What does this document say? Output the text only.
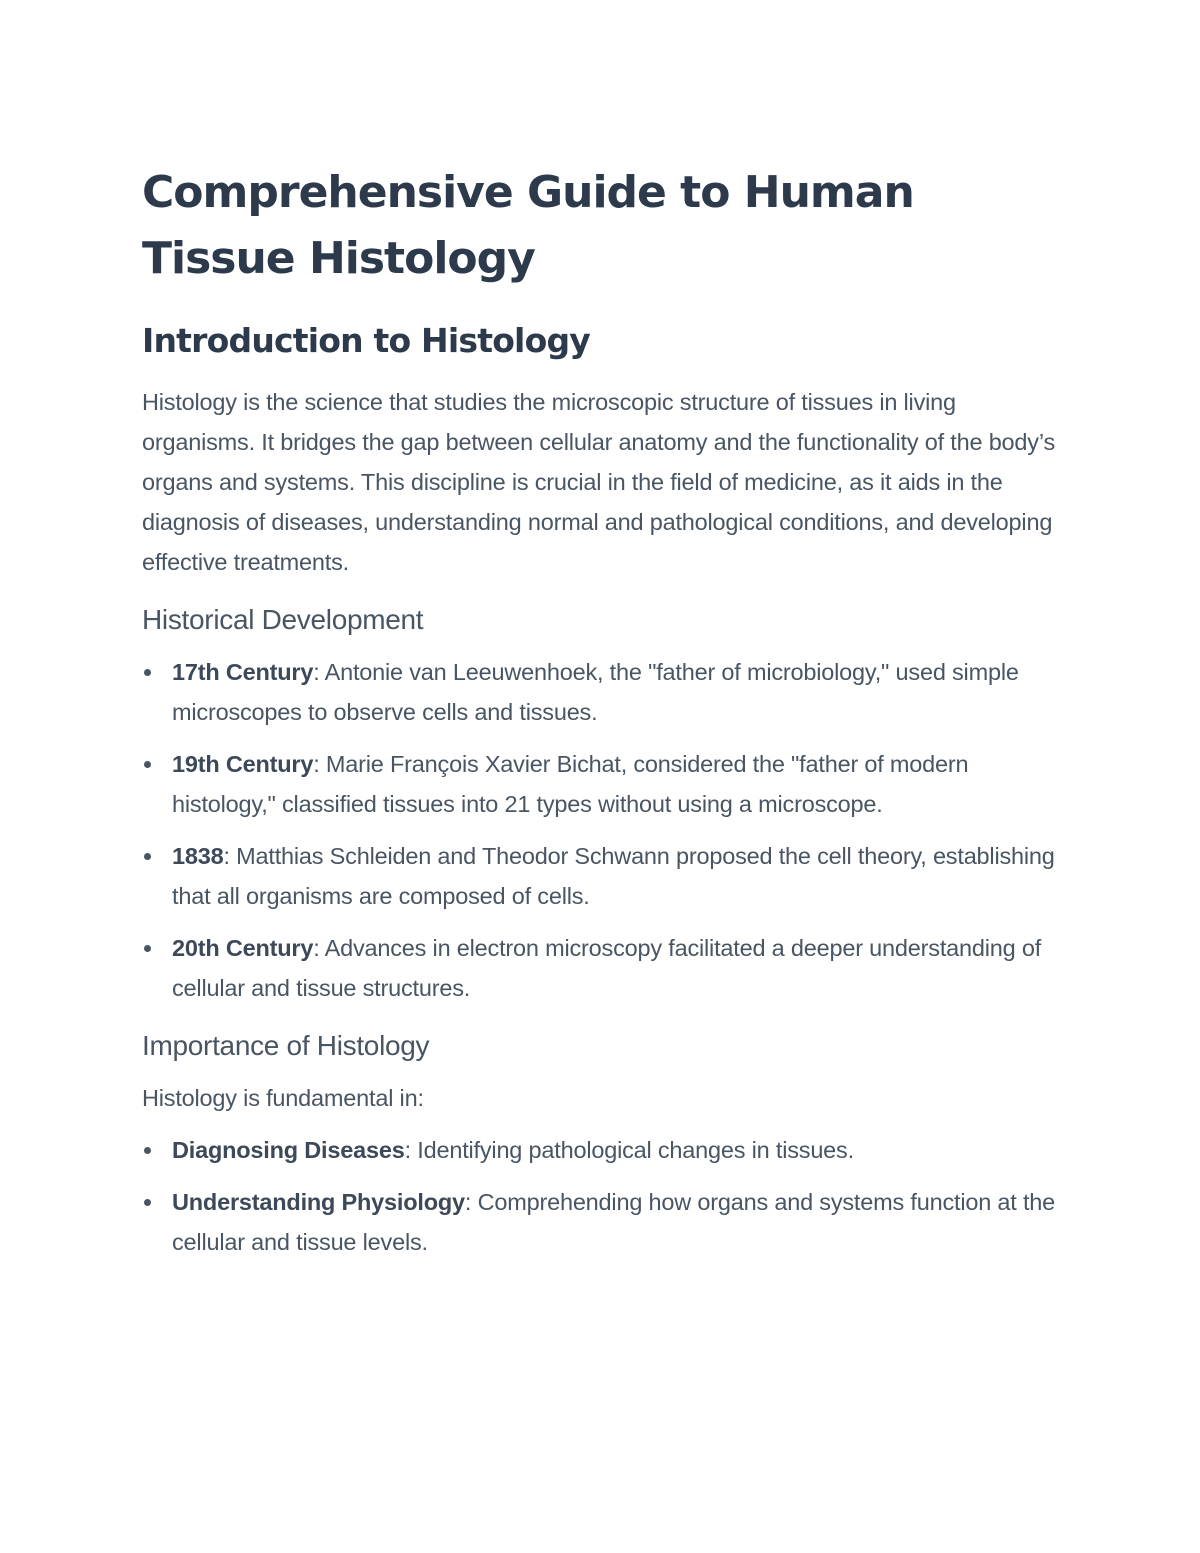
Comprehensive Guide to Human Tissue Histology
Introduction to Histology

Histology is the science that studies the microscopic structure of tissues in living organisms. It bridges the gap between cellular anatomy and the functionality of the body’s organs and systems. This discipline is crucial in the field of medicine, as it aids in the diagnosis of diseases, understanding normal and pathological conditions, and developing effective treatments.

Historical Development
17th Century: Antonie van Leeuwenhoek, the "father of microbiology," used simple microscopes to observe cells and tissues.
19th Century: Marie François Xavier Bichat, considered the "father of modern histology," classified tissues into 21 types without using a microscope.
1838: Matthias Schleiden and Theodor Schwann proposed the cell theory, establishing that all organisms are composed of cells.
20th Century: Advances in electron microscopy facilitated a deeper understanding of cellular and tissue structures.
Importance of Histology

Histology is fundamental in:

Diagnosing Diseases: Identifying pathological changes in tissues.
Understanding Physiology: Comprehending how organs and systems function at the cellular and tissue levels.
